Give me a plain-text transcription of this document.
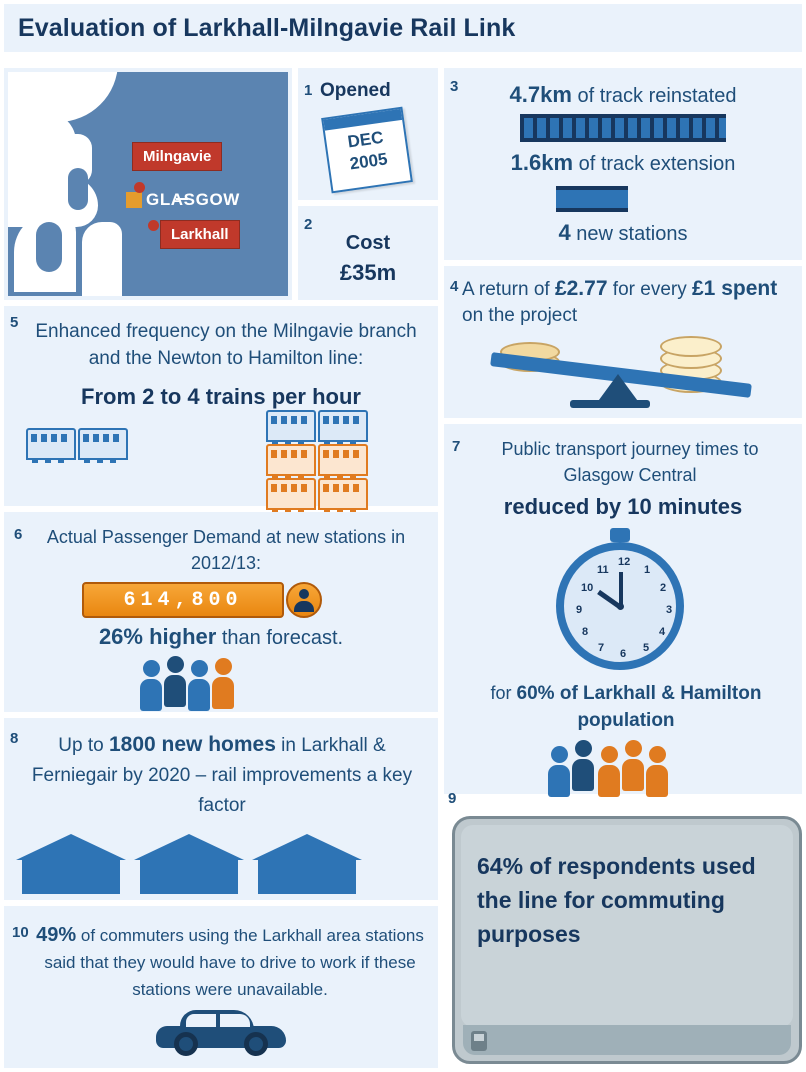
Evaluation of Larkhall-Milngavie Rail Link
GLASGOW
Milngavie
Larkhall
1 Opened
DEC
2005
2
Cost
£35m
3	4.7km of track reinstated
1.6km of track extension
4 new stations
4 A return of £2.77 for every £1 spent on the project
5 Enhanced frequency on the Milngavie branch and the Newton to Hamilton line:
From 2 to 4 trains per hour
6	Actual Passenger Demand at new stations in 2012/13:
614,800
26% higher than forecast.
7	Public transport journey times to Glasgow Central
reduced by 10 minutes
12
1
2
3
4
5
6
7
8
9
10
11
for 60% of Larkhall & Hamilton population
8	Up to 1800 new homes in Larkhall & Ferniegair by 2020 – rail improvements a key factor
10 49% of commuters using the Larkhall area stations said that they would have to drive to work if these stations were unavailable.
9
64% of respondents used the line for commuting purposes
